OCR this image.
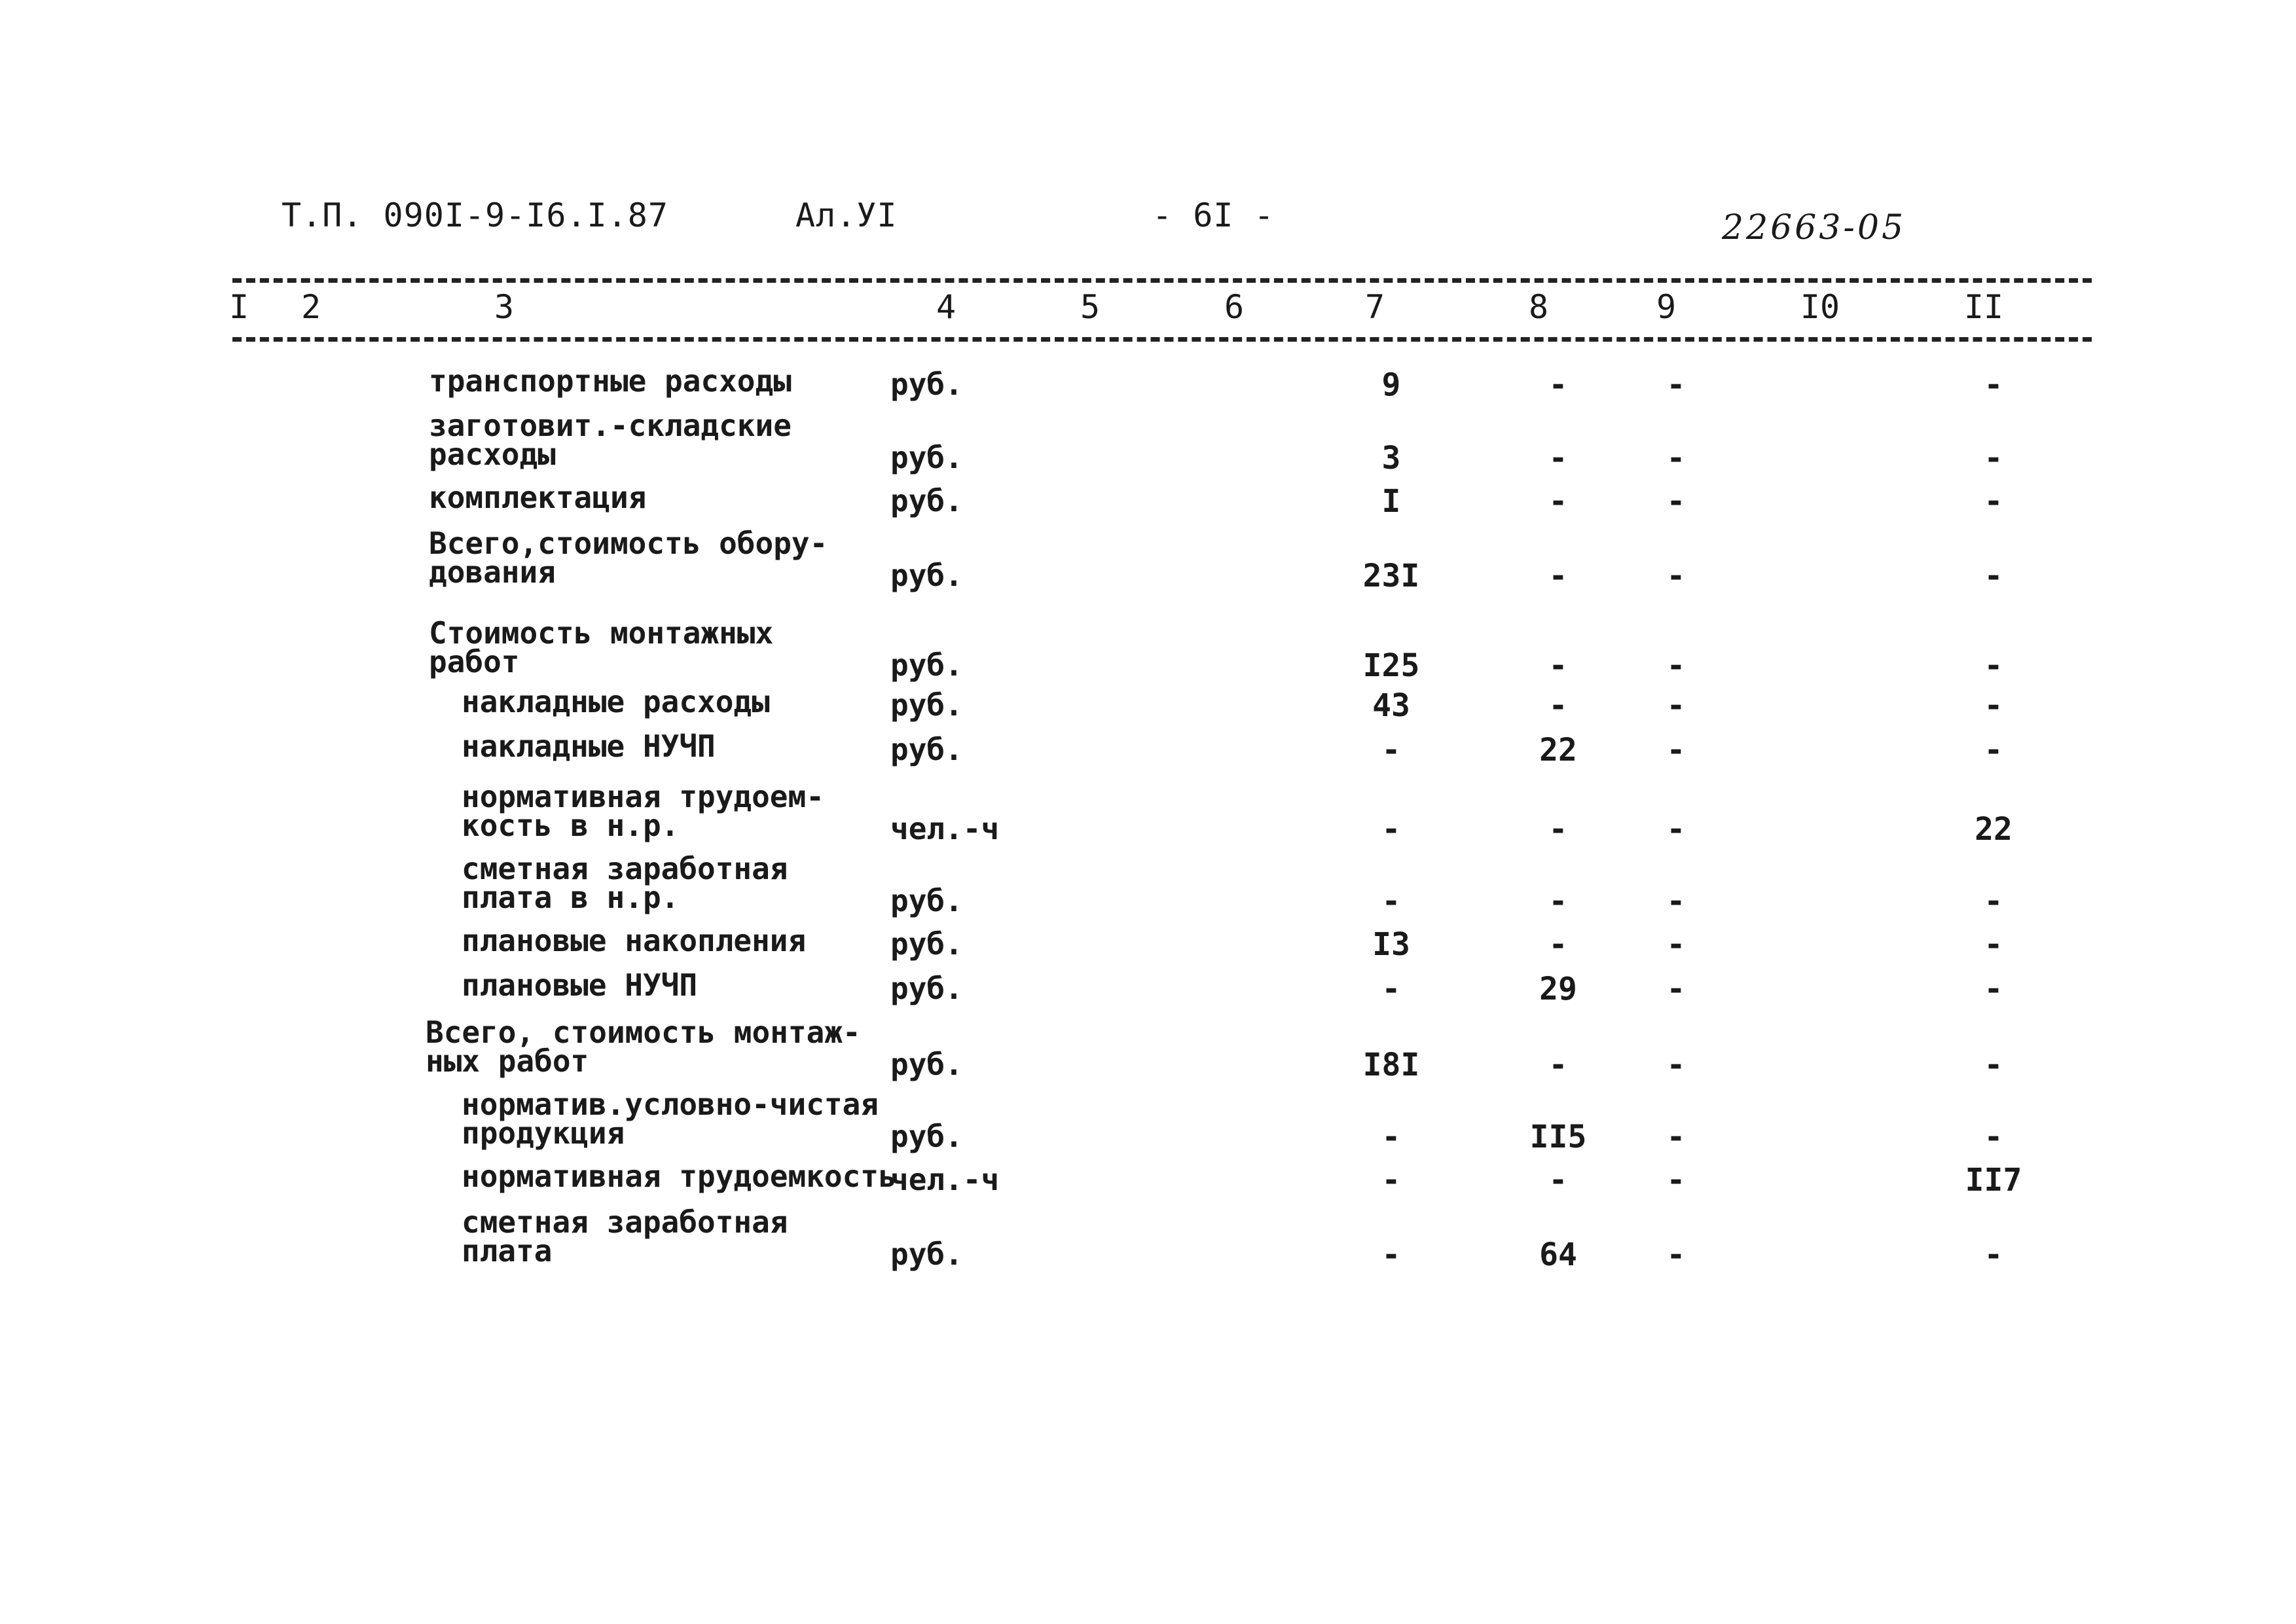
Т.П. 090I-9-I6.I.87	Ал.УI	- 6I -	22663-05
I	2	3	4	5	6	7	8	9	I0	II
транспортные расходы	руб.	9	-	-	-
заготовит.-складские
расходы	руб.	3	-	-	-
комплектация	руб.	I	-	-	-
Всего,стоимость обору-
дования	руб.	23I	-	-	-
Стоимость монтажных
работ	руб.	I25	-	-	-
накладные расходы	руб.	43	-	-	-
накладные НУЧП	руб.	-	22	-	-
нормативная трудоем-
кость в н.р.	чел.-ч	-	-	-	22
сметная заработная
плата в н.р.	руб.	-	-	-	-
плановые накопления	руб.	I3	-	-	-
плановые НУЧП	руб.	-	29	-	-
Всего, стоимость монтаж-
ных работ	руб.	I8I	-	-	-
норматив.условно-чистая
продукция	руб.	-	II5	-	-
нормативная трудоемкость
чел.-ч	-	-	-	II7
сметная заработная
плата	руб.	-	64	-	-
